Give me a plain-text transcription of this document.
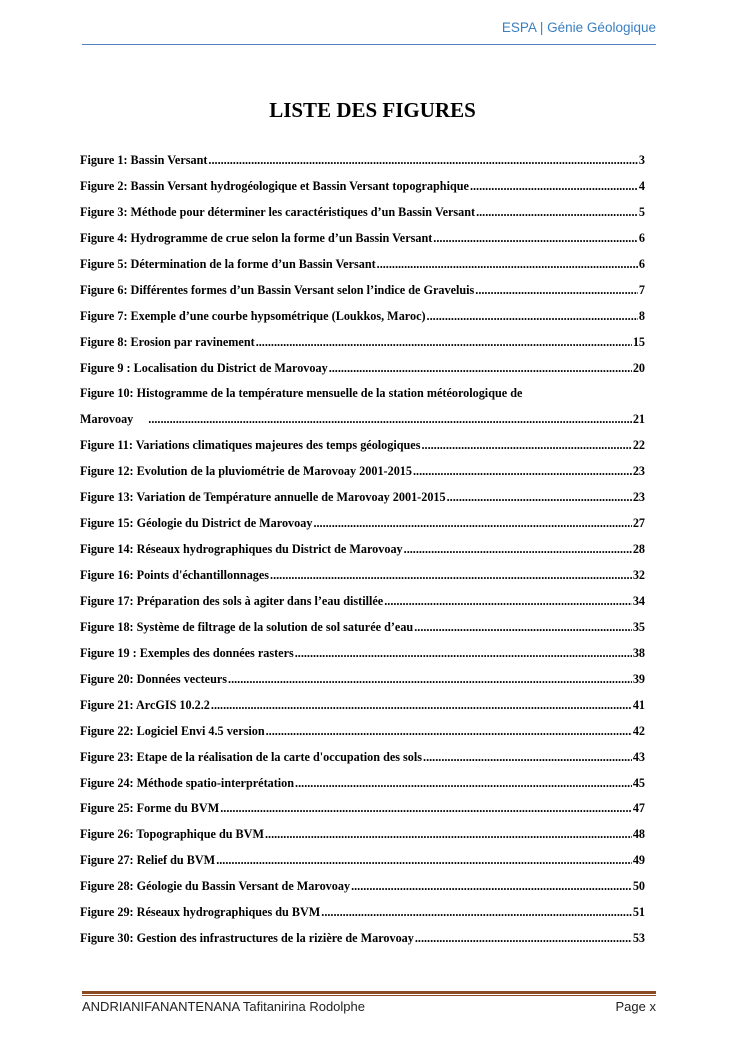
ESPA | Génie Géologique
LISTE DES FIGURES
Figure 1: Bassin Versant .....	3
Figure 2: Bassin Versant hydrogéologique et Bassin Versant topographique .....	4
Figure 3: Méthode pour déterminer les caractéristiques d’un Bassin Versant .....	5
Figure 4: Hydrogramme de crue selon la forme d’un Bassin Versant .....	6
Figure 5: Détermination de la forme d’un Bassin Versant .....	6
Figure 6: Différentes formes d’un Bassin Versant selon l’indice de Graveluis .....	7
Figure 7: Exemple d’une courbe hypsométrique (Loukkos, Maroc) .....	8
Figure 8: Erosion par ravinement .....	15
Figure 9 : Localisation du District de Marovoay .....	20
Figure 10: Histogramme de la température mensuelle de la station météorologique de
Marovoay .....	21
Figure 11: Variations climatiques majeures des temps géologiques .....	22
Figure 12: Evolution de la pluviométrie de Marovoay 2001-2015 .....	23
Figure 13: Variation de Température annuelle de Marovoay 2001-2015 .....	23
Figure 15: Géologie du District de Marovoay .....	27
Figure 14: Réseaux hydrographiques du District de Marovoay .....	28
Figure 16: Points d'échantillonnages .....	32
Figure 17: Préparation des sols à agiter dans l’eau distillée .....	34
Figure 18: Système de filtrage de la solution de sol saturée d’eau .....	35
Figure 19 : Exemples des données rasters .....	38
Figure 20: Données vecteurs .....	39
Figure 21: ArcGIS 10.2.2 .....	41
Figure 22: Logiciel Envi 4.5 version .....	42
Figure 23: Etape de la réalisation de la carte d'occupation des sols .....	43
Figure 24: Méthode spatio-interprétation .....	45
Figure 25: Forme du BVM .....	47
Figure 26: Topographique du BVM .....	48
Figure 27: Relief du BVM .....	49
Figure 28: Géologie du Bassin Versant de Marovoay .....	50
Figure 29: Réseaux hydrographiques du BVM .....	51
Figure 30: Gestion des infrastructures de la rizière de Marovoay .....	53
ANDRIANIFANANTENANA Tafitanirina Rodolphe	Page x
